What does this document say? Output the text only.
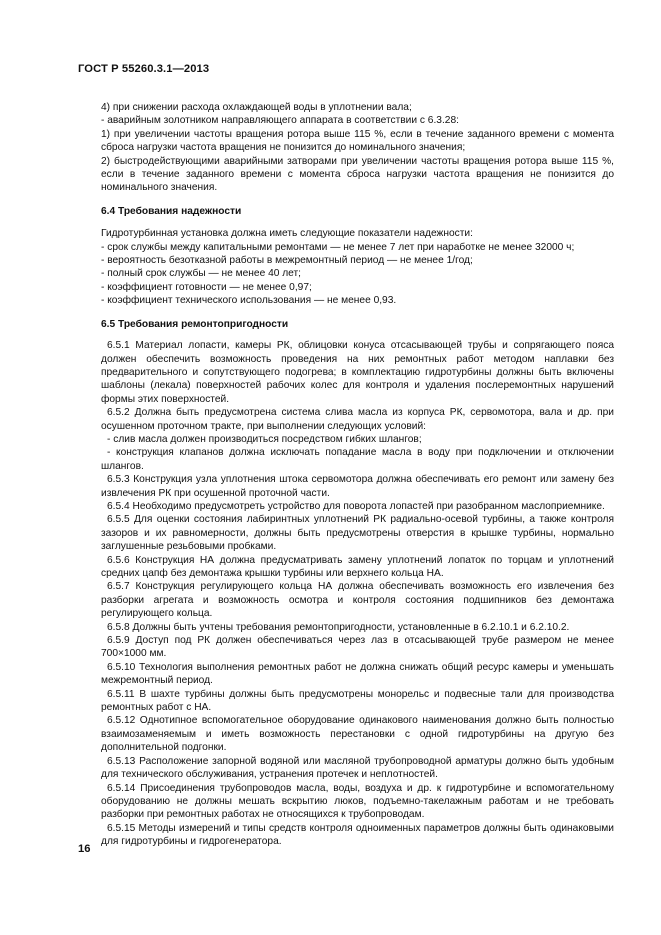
ГОСТ Р 55260.3.1—2013

4) при снижении расхода охлаждающей воды в уплотнении вала;

- аварийным золотником направляющего аппарата в соответствии с 6.3.28:

1) при увеличении частоты вращения ротора выше 115 %, если в течение заданного времени с момента сброса нагрузки частота вращения не понизится до номинального значения;

2) быстродействующими аварийными затворами при увеличении частоты вращения ротора выше 115 %, если в течение заданного времени с момента сброса нагрузки частота вращения не понизится до номинального значения.

6.4 Требования надежности

Гидротурбинная установка должна иметь следующие показатели надежности:

- срок службы между капитальными ремонтами — не менее 7 лет при наработке не менее 32000 ч;

- вероятность безотказной работы в межремонтный период — не менее 1/год;

- полный срок службы — не менее 40 лет;

- коэффициент готовности — не менее 0,97;

- коэффициент технического использования — не менее 0,93.

6.5 Требования ремонтопригодности

6.5.1 Материал лопасти, камеры РК, облицовки конуса отсасывающей трубы и сопрягающего пояса должен обеспечить возможность проведения на них ремонтных работ методом наплавки без предварительного и сопутствующего подогрева; в комплектацию гидротурбины должны быть включены шаблоны (лекала) поверхностей рабочих колес для контроля и удаления послеремонтных нарушений формы этих поверхностей.

6.5.2 Должна быть предусмотрена система слива масла из корпуса РК, сервомотора, вала и др. при осушенном проточном тракте, при выполнении следующих условий:

- слив масла должен производиться посредством гибких шлангов;

- конструкция клапанов должна исключать попадание масла в воду при подключении и отключении шлангов.

6.5.3 Конструкция узла уплотнения штока сервомотора должна обеспечивать его ремонт или замену без извлечения РК при осушенной проточной части.

6.5.4 Необходимо предусмотреть устройство для поворота лопастей при разобранном маслоприемнике.

6.5.5 Для оценки состояния лабиринтных уплотнений РК радиально-осевой турбины, а также контроля зазоров и их равномерности, должны быть предусмотрены отверстия в крышке турбины, нормально заглушенные резьбовыми пробками.

6.5.6 Конструкция НА должна предусматривать замену уплотнений лопаток по торцам и уплотнений средних цапф без демонтажа крышки турбины или верхнего кольца НА.

6.5.7 Конструкция регулирующего кольца НА должна обеспечивать возможность его извлечения без разборки агрегата и возможность осмотра и контроля состояния подшипников без демонтажа регулирующего кольца.

6.5.8 Должны быть учтены требования ремонтопригодности, установленные в 6.2.10.1 и 6.2.10.2.

6.5.9 Доступ под РК должен обеспечиваться через лаз в отсасывающей трубе размером не менее 700×1000 мм.

6.5.10 Технология выполнения ремонтных работ не должна снижать общий ресурс камеры и уменьшать межремонтный период.

6.5.11 В шахте турбины должны быть предусмотрены монорельс и подвесные тали для производства ремонтных работ с НА.

6.5.12 Однотипное вспомогательное оборудование одинакового наименования должно быть полностью взаимозаменяемым и иметь возможность перестановки с одной гидротурбины на другую без дополнительной подгонки.

6.5.13 Расположение запорной водяной или масляной трубопроводной арматуры должно быть удобным для технического обслуживания, устранения протечек и неплотностей.

6.5.14 Присоединения трубопроводов масла, воды, воздуха и др. к гидротурбине и вспомогательному оборудованию не должны мешать вскрытию люков, подъемно-такелажным работам и не требовать разборки при ремонтных работах не относящихся к трубопроводам.

6.5.15 Методы измерений и типы средств контроля одноименных параметров должны быть одинаковыми для гидротурбины и гидрогенератора.

16
